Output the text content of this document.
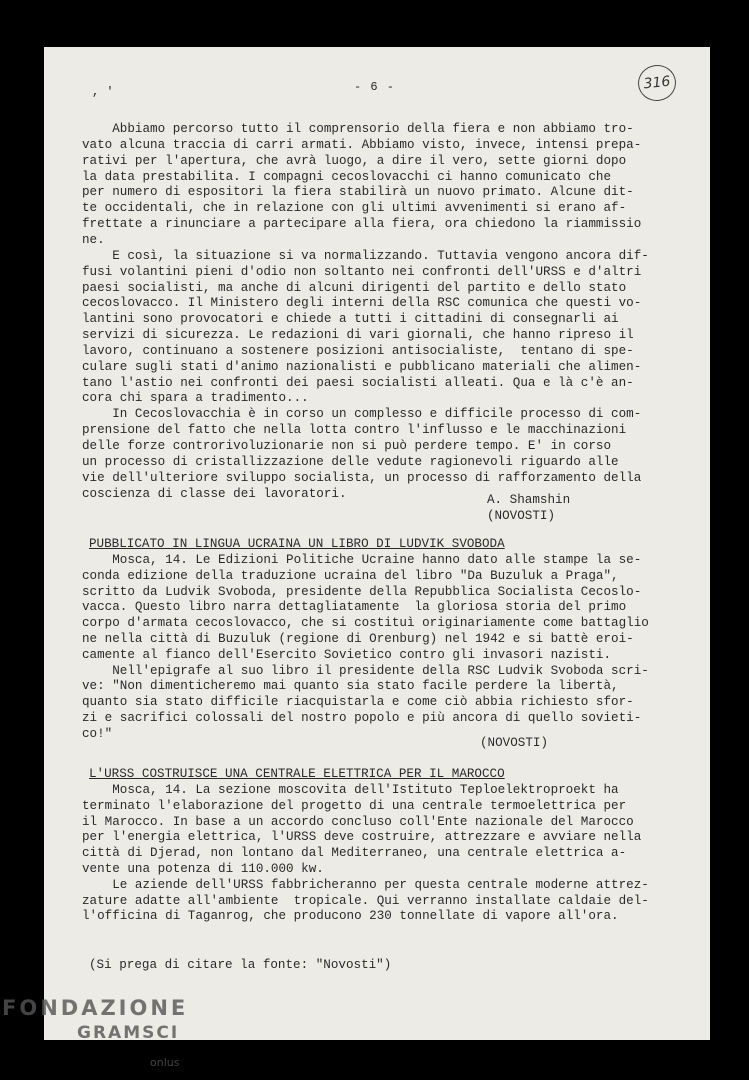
, '	- 6 -	316
Abbiamo percorso tutto il comprensorio della fiera e non abbiamo tro-
vato alcuna traccia di carri armati. Abbiamo visto, invece, intensi prepa-
rativi per l'apertura, che avrà luogo, a dire il vero, sette giorni dopo
la data prestabilita. I compagni cecoslovacchi ci hanno comunicato che
per numero di espositori la fiera stabilirà un nuovo primato. Alcune dit-
te occidentali, che in relazione con gli ultimi avvenimenti si erano af-
frettate a rinunciare a partecipare alla fiera, ora chiedono la riammissio
ne.
E così, la situazione si va normalizzando. Tuttavia vengono ancora dif-
fusi volantini pieni d'odio non soltanto nei confronti dell'URSS e d'altri
paesi socialisti, ma anche di alcuni dirigenti del partito e dello stato
cecoslovacco. Il Ministero degli interni della RSC comunica che questi vo-
lantini sono provocatori e chiede a tutti i cittadini di consegnarli ai
servizi di sicurezza. Le redazioni di vari giornali, che hanno ripreso il
lavoro, continuano a sostenere posizioni antisocialiste,  tentano di spe-
culare sugli stati d'animo nazionalisti e pubblicano materiali che alimen-
tano l'astio nei confronti dei paesi socialisti alleati. Qua e là c'è an-
cora chi spara a tradimento...
In Cecoslovacchia è in corso un complesso e difficile processo di com-
prensione del fatto che nella lotta contro l'influsso e le macchinazioni
delle forze controrivoluzionarie non si può perdere tempo. E' in corso
un processo di cristallizzazione delle vedute ragionevoli riguardo alle
vie dell'ulteriore sviluppo socialista, un processo di rafforzamento della
coscienza di classe dei lavoratori.	A. Shamshin
(NOVOSTI)
PUBBLICATO IN LINGUA UCRAINA UN LIBRO DI LUDVIK SVOBODA
Mosca, 14. Le Edizioni Politiche Ucraine hanno dato alle stampe la se-
conda edizione della traduzione ucraina del libro "Da Buzuluk a Praga",
scritto da Ludvik Svoboda, presidente della Repubblica Socialista Cecoslo-
vacca. Questo libro narra dettagliatamente  la gloriosa storia del primo
corpo d'armata cecoslovacco, che si costituì originariamente come battaglio
ne nella città di Buzuluk (regione di Orenburg) nel 1942 e si battè eroi-
camente al fianco dell'Esercito Sovietico contro gli invasori nazisti.
Nell'epigrafe al suo libro il presidente della RSC Ludvik Svoboda scri-
ve: "Non dimenticheremo mai quanto sia stato facile perdere la libertà,
quanto sia stato difficile riacquistarla e come ciò abbia richiesto sfor-
zi e sacrifici colossali del nostro popolo e più ancora di quello sovieti-
co!"
(NOVOSTI)
L'URSS COSTRUISCE UNA CENTRALE ELETTRICA PER IL MAROCCO
Mosca, 14. La sezione moscovita dell'Istituto Teploelektroproekt ha
terminato l'elaborazione del progetto di una centrale termoelettrica per
il Marocco. In base a un accordo concluso coll'Ente nazionale del Marocco
per l'energia elettrica, l'URSS deve costruire, attrezzare e avviare nella
città di Djerad, non lontano dal Mediterraneo, una centrale elettrica a-
vente una potenza di 110.000 kw.
Le aziende dell'URSS fabbricheranno per questa centrale moderne attrez-
zature adatte all'ambiente  tropicale. Qui verranno installate caldaie del-
l'officina di Taganrog, che producono 230 tonnellate di vapore all'ora.
(Si prega di citare la fonte: "Novosti")
FONDAZIONE
GRAMSCI
onlus
